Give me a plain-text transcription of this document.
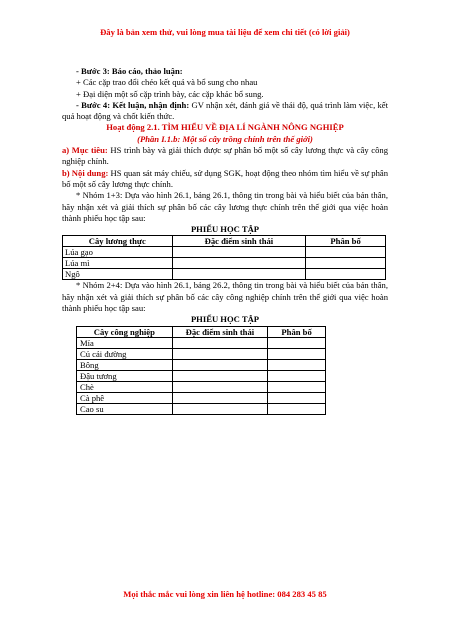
Đây là bản xem thử, vui lòng mua tài liệu để xem chi tiết (có lời giải)

- Bước 3: Báo cáo, thảo luận:

+ Các cặp trao đổi chéo kết quả và bổ sung cho nhau

+ Đại diện một số cặp trình bày, các cặp khác bổ sung.

- Bước 4: Kết luận, nhận định: GV nhận xét, đánh giá về thái độ, quá trình làm việc, kết quả hoạt động và chốt kiến thức.

Hoạt động 2.1. TÌM HIỂU VỀ ĐỊA LÍ NGÀNH NÔNG NGHIỆP

(Phần I.1.b: Một số cây trồng chính trên thế giới)

a) Mục tiêu: HS trình bày và giải thích được sự phân bố một số cây lương thực và cây công nghiệp chính.

b) Nội dung: HS quan sát máy chiếu, sử dụng SGK, hoạt động theo nhóm tìm hiểu về sự phân bố một số cây lương thực chính.

* Nhóm 1+3: Dựa vào hình 26.1, bảng 26.1, thông tin trong bài và hiểu biết của bản thân, hãy nhận xét và giải thích sự phân bố các cây lương thực chính trên thế giới qua việc hoàn thành phiếu học tập sau:

PHIẾU HỌC TẬP

Cây lương thực	Đặc điểm sinh thái	Phân bố
Lúa gạo		
Lúa mì		
Ngô		

* Nhóm 2+4: Dựa vào hình 26.1, bảng 26.2, thông tin trong bài và hiểu biết của bản thân, hãy nhận xét và giải thích sự phân bố các cây công nghiệp chính trên thế giới qua việc hoàn thành phiếu học tập sau:

PHIẾU HỌC TẬP

Cây công nghiệp	Đặc điểm sinh thái	Phân bố
Mía		
Củ cải đường		
Bông		
Đậu tương		
Chè		
Cà phê		
Cao su		
Mọi thắc mắc vui lòng xin liên hệ hotline: 084 283 45 85
